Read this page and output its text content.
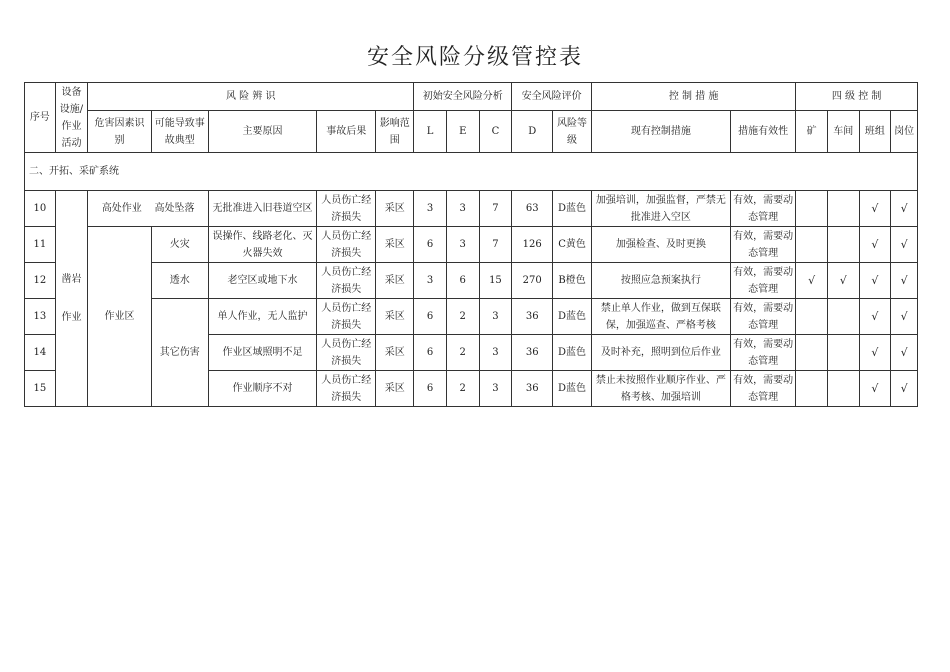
安全风险分级管控表
序号	设备设施/作业活动	风 险 辨 识					初始安全风险分析			安全风险评价		控 制 措 施		四 级 控 制			
		危害因素识别	可能导致事故典型	主要原因	事故后果	影响范围	L	E	C	D	风险等级	现有控制措施	措施有效性	矿	车间	班组	岗位
二、开拓、采矿系统																	
10	凿岩作业	高处作业 高处坠落		无批准进入旧巷道空区	人员伤亡经济损失	采区	3	3	7	63	D蓝色	加强培训，加强监督，严禁无批准进入空区	有效，需要动态管理			√	√
11		作业区	火灾	误操作、线路老化、灭火器失效	人员伤亡经济损失	采区	6	3	7	126	C黄色	加强检查、及时更换	有效，需要动态管理			√	√
12			透水	老空区或地下水	人员伤亡经济损失	采区	3	6	15	270	B橙色	按照应急预案执行	有效，需要动态管理	√	√	√	√
13			其它伤害	单人作业，无人监护	人员伤亡经济损失	采区	6	2	3	36	D蓝色	禁止单人作业，做到互保联保，加强巡查、严格考核	有效，需要动态管理			√	√
14				作业区域照明不足	人员伤亡经济损失	采区	6	2	3	36	D蓝色	及时补充，照明到位后作业	有效，需要动态管理			√	√
15				作业顺序不对	人员伤亡经济损失	采区	6	2	3	36	D蓝色	禁止未按照作业顺序作业、严格考核、加强培训	有效，需要动态管理			√	√
